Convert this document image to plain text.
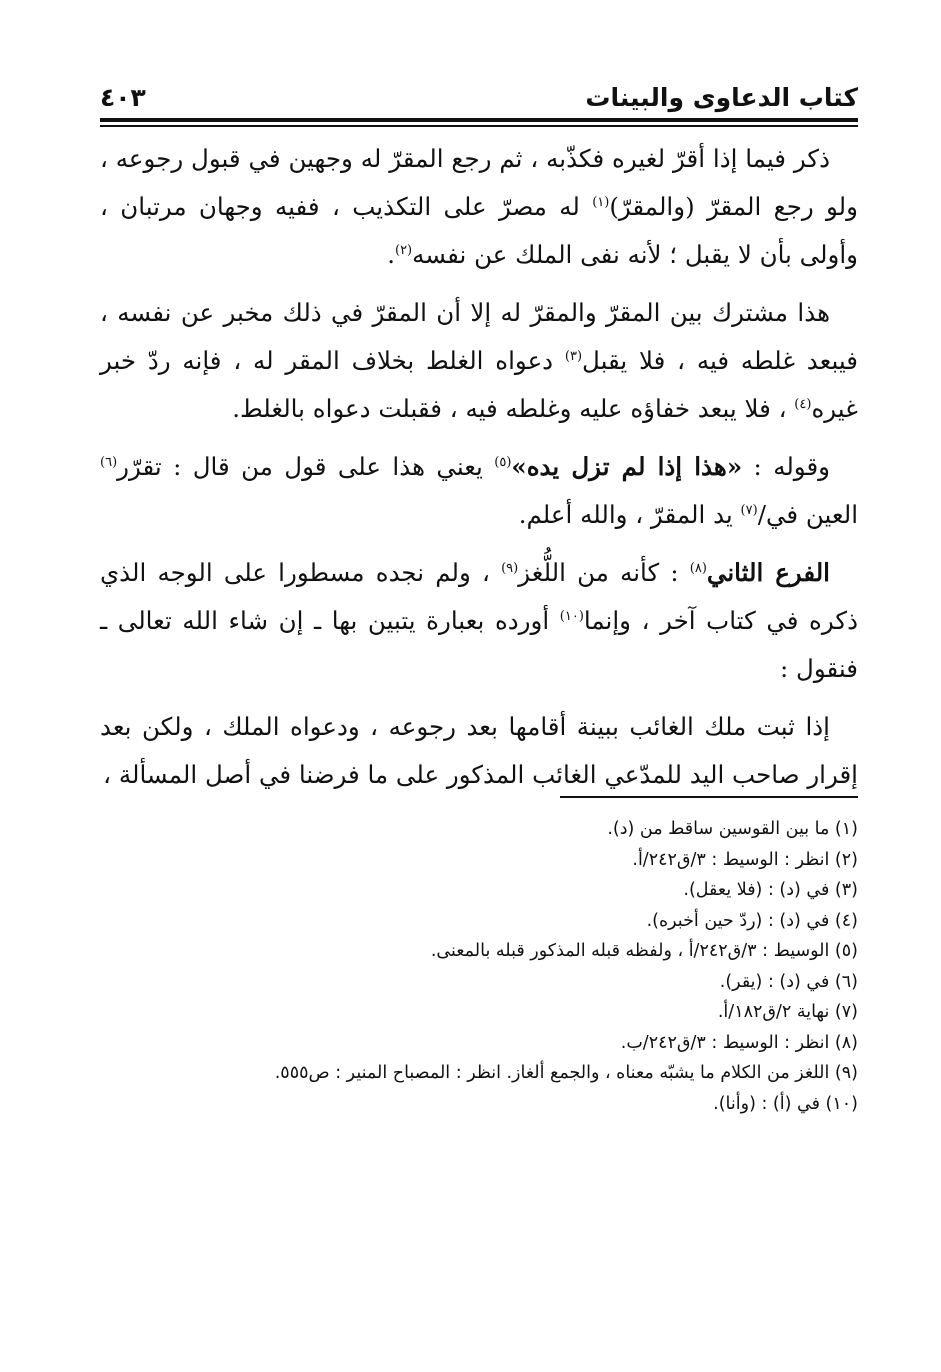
كتاب الدعاوى والبينات
٤٠٣

ذكر فيما إذا أقرّ لغيره فكذّبه ، ثم رجع المقرّ له وجهين في قبول رجوعه ، ولو رجع المقرّ (والمقرّ)$^{(١)}$ له مصرّ على التكذيب ، ففيه وجهان مرتبان ، وأولى بأن لا يقبل ؛ لأنه نفى الملك عن نفسه$^{(٢)}$.

هذا مشترك بين المقرّ والمقرّ له إلا أن المقرّ في ذلك مخبر عن نفسه ، فيبعد غلطه فيه ، فلا يقبل$^{(٣)}$ دعواه الغلط بخلاف المقر له ، فإنه ردّ خبر غيره$^{(٤)}$ ، فلا يبعد خفاؤه عليه وغلطه فيه ، فقبلت دعواه بالغلط.

وقوله : «هذا إذا لم تزل يده»$^{(٥)}$ يعني هذا على قول من قال : تقرّر$^{(٦)}$ العين في/$^{(٧)}$ يد المقرّ ، والله أعلم.

الفرع الثاني$^{(٨)}$ : كأنه من اللُّغز$^{(٩)}$ ، ولم نجده مسطورا على الوجه الذي ذكره في كتاب آخر ، وإنما$^{(١٠)}$ أورده بعبارة يتبين بها ـ إن شاء الله تعالى ـ فنقول :

إذا ثبت ملك الغائب ببينة أقامها بعد رجوعه ، ودعواه الملك ، ولكن بعد إقرار صاحب اليد للمدّعي الغائب المذكور على ما فرضنا في أصل المسألة ،

(١) ما بين القوسين ساقط من (د).
(٢) انظر : الوسيط : ٣/ق٢٤٢/أ.
(٣) في (د) : (فلا يعقل).
(٤) في (د) : (ردّ حين أخبره).
(٥) الوسيط : ٣/ق٢٤٢/أ ، ولفظه قبله المذكور قبله بالمعنى.
(٦) في (د) : (يقر).
(٧) نهاية ٢/ق١٨٢/أ.
(٨) انظر : الوسيط : ٣/ق٢٤٢/ب.
(٩) اللغز من الكلام ما يشبّه معناه ، والجمع ألغاز. انظر : المصباح المنير : ص٥٥٥.
(١٠) في (أ) : (وأنا).
